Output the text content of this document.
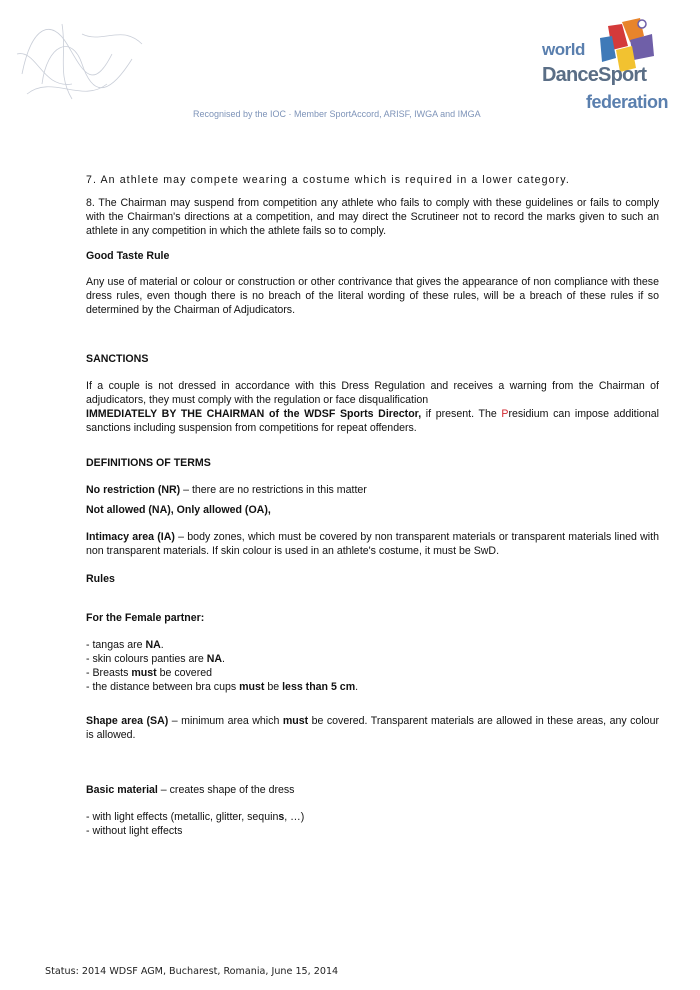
world
DanceSport
federation
Recognised by the IOC · Member SportAccord, ARISF, IWGA and IMGA

7. An athlete may compete wearing a costume which is required in a lower category.

8. The Chairman may suspend from competition any athlete who fails to comply with these guidelines or fails to comply with the Chairman's directions at a competition, and may direct the Scrutineer not to record the marks given to such an athlete in any competition in which the athlete fails so to comply.

Good Taste Rule

Any use of material or colour or construction or other contrivance that gives the appearance of non compliance with these dress rules, even though there is no breach of the literal wording of these rules, will be a breach of these rules if so determined by the Chairman of Adjudicators.

SANCTIONS

If a couple is not dressed in accordance with this Dress Regulation and receives a warning from the Chairman of adjudicators, they must comply with the regulation or face disqualification
IMMEDIATELY BY THE CHAIRMAN of the WDSF Sports Director, if present. The Presidium can impose additional sanctions including suspension from competitions for repeat offenders.

DEFINITIONS OF TERMS

No restriction (NR) – there are no restrictions in this matter

Not allowed (NA), Only allowed (OA),

Intimacy area (IA) – body zones, which must be covered by non transparent materials or transparent materials lined with non transparent materials. If skin colour is used in an athlete's costume, it must be SwD.

Rules

For the Female partner:

- tangas are NA.
- skin colours panties are NA.
- Breasts must be covered
- the distance between bra cups must be less than 5 cm.

Shape area (SA) – minimum area which must be covered. Transparent materials are allowed in these areas, any colour is allowed.

Basic material – creates shape of the dress

- with light effects (metallic, glitter, sequins, …)
- without light effects
Status: 2014 WDSF AGM, Bucharest, Romania, June 15, 2014
